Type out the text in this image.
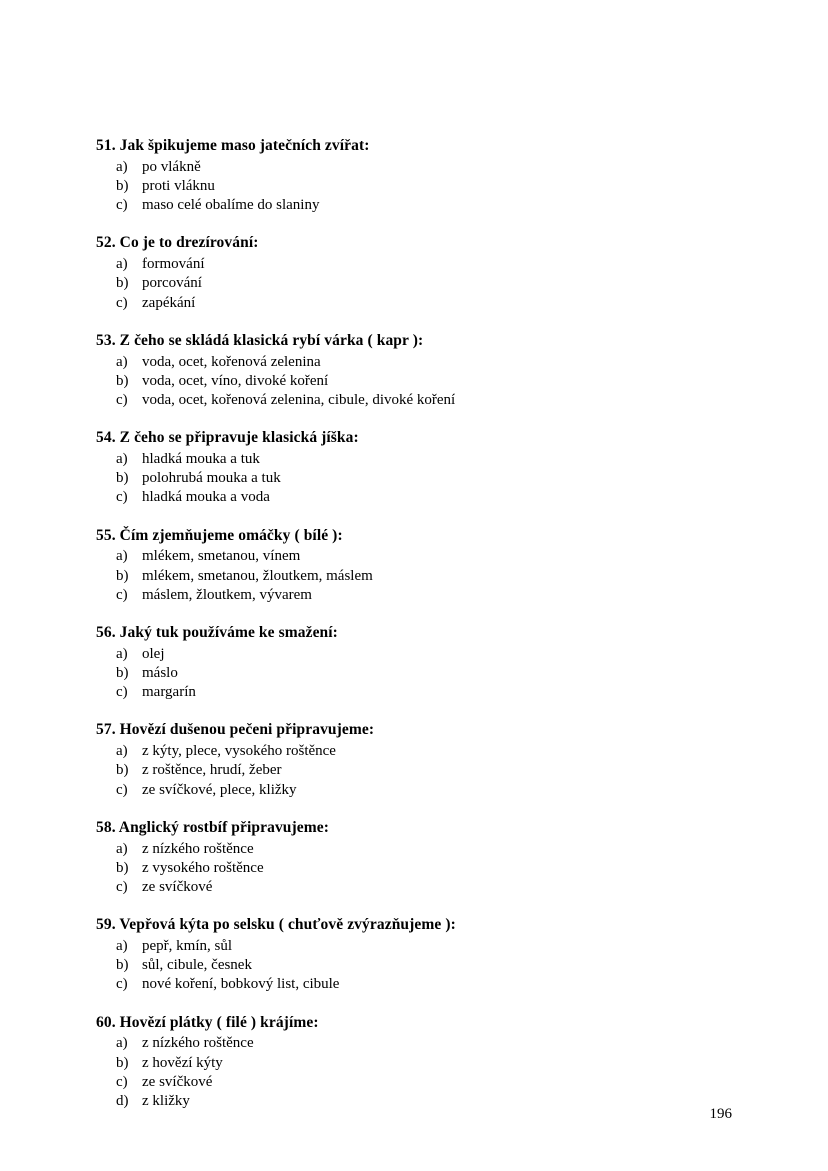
51. Jak špikujeme maso jatečních zvířat:

a) po vlákně
b) proti vláknu
c) maso celé obalíme do slaniny

52. Co je to drezírování:

a) formování
b) porcování
c) zapékání

53. Z čeho se skládá klasická rybí várka ( kapr ):

a) voda, ocet, kořenová zelenina
b) voda, ocet, víno, divoké koření
c) voda, ocet, kořenová zelenina, cibule, divoké koření

54. Z čeho se připravuje klasická jíška:

a) hladká mouka a tuk
b) polohrubá mouka a tuk
c) hladká mouka a voda

55. Čím zjemňujeme omáčky ( bílé ):

a) mlékem, smetanou, vínem
b) mlékem, smetanou, žloutkem, máslem
c) máslem, žloutkem, vývarem

56. Jaký tuk používáme ke smažení:

a) olej
b) máslo
c) margarín

57. Hovězí dušenou pečeni připravujeme:

a) z kýty, plece, vysokého roštěnce
b) z roštěnce, hrudí, žeber
c) ze svíčkové, plece, kližky

58. Anglický rostbíf připravujeme:

a) z nízkého roštěnce
b) z vysokého roštěnce
c) ze svíčkové

59. Vepřová kýta po selsku ( chuťově zvýrazňujeme ):

a) pepř, kmín, sůl
b) sůl, cibule, česnek
c) nové koření, bobkový list, cibule

60. Hovězí plátky ( filé ) krájíme:

a) z nízkého roštěnce
b) z hovězí kýty
c) ze svíčkové
d) z kližky
196
